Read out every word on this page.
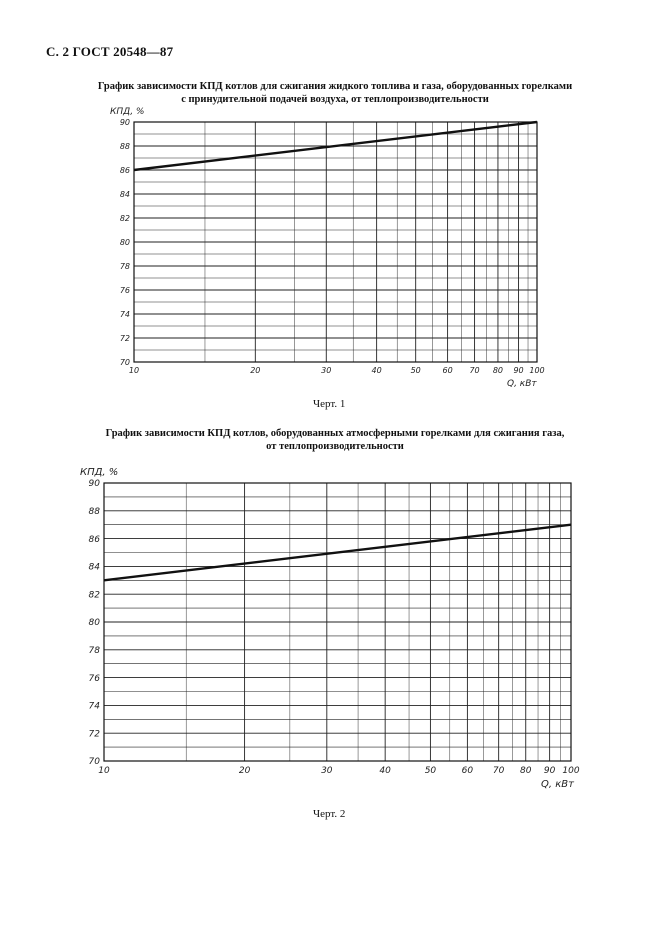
С. 2 ГОСТ 20548—87
График зависимости КПД котлов для сжигания жидкого топлива и газа, оборудованных горелками
с принудительной подачей воздуха, от теплопроизводительности
График зависимости КПД котлов, оборудованных атмосферными горелками для сжигания газа,
от теплопроизводительности
Черт. 1
Черт. 2
70
72
74
76
78
80
82
84
86
88
90
10	20	30	40	50	60 70 80 90 100
КПД, %
Q, кВт
70
72
74
76
78
80
82
84
86
88
90
10	20	30	40	50	60 70 80 90 100
КПД, %
Q, кВт
